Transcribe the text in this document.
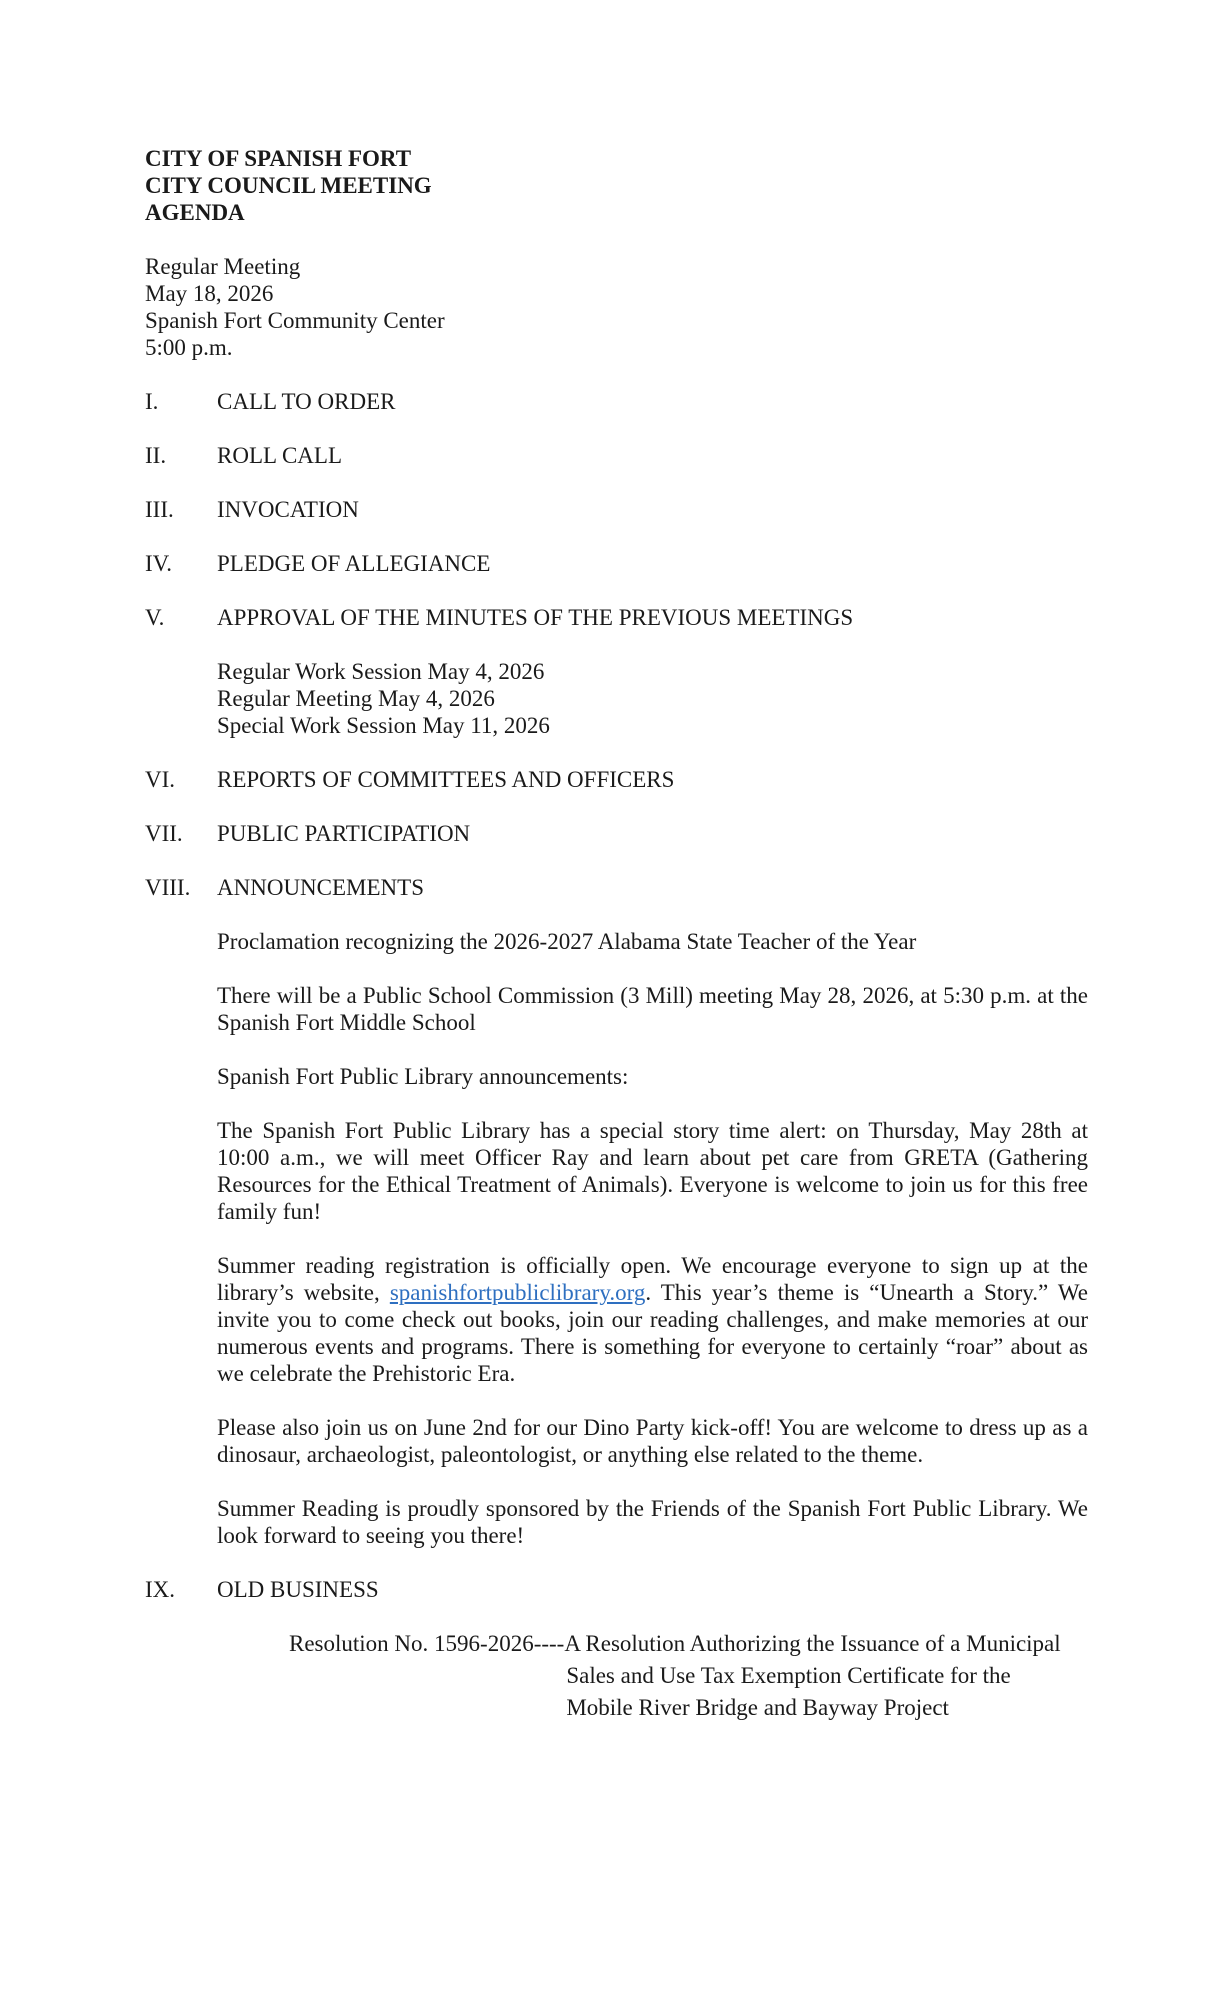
CITY OF SPANISH FORT

CITY COUNCIL MEETING

AGENDA

Regular Meeting

May 18, 2026

Spanish Fort Community Center

5:00 p.m.

I.	CALL TO ORDER
II.	ROLL CALL
III.	INVOCATION
IV.	PLEDGE OF ALLEGIANCE
V.	APPROVAL OF THE MINUTES OF THE PREVIOUS MEETINGS

Regular Work Session May 4, 2026

Regular Meeting May 4, 2026

Special Work Session May 11, 2026

VI.	REPORTS OF COMMITTEES AND OFFICERS
VII.	PUBLIC PARTICIPATION
VIII.	ANNOUNCEMENTS

Proclamation recognizing the 2026-2027 Alabama State Teacher of the Year

There will be a Public School Commission (3 Mill) meeting May 28, 2026, at 5:30 p.m. at the Spanish Fort Middle School

Spanish Fort Public Library announcements:

The Spanish Fort Public Library has a special story time alert: on Thursday, May 28th at 10:00 a.m., we will meet Officer Ray and learn about pet care from GRETA (Gathering Resources for the Ethical Treatment of Animals). Everyone is welcome to join us for this free family fun!

Summer reading registration is officially open. We encourage everyone to sign up at the library’s website, spanishfortpubliclibrary.org. This year’s theme is “Unearth a Story.” We invite you to come check out books, join our reading challenges, and make memories at our numerous events and programs. There is something for everyone to certainly “roar” about as we celebrate the Prehistoric Era.

Please also join us on June 2nd for our Dino Party kick-off! You are welcome to dress up as a dinosaur, archaeologist, paleontologist, or anything else related to the theme.

Summer Reading is proudly sponsored by the Friends of the Spanish Fort Public Library. We look forward to seeing you there!

IX.	OLD BUSINESS
Resolution No. 1596-2026---- A Resolution Authorizing the Issuance of a Municipal
Sales and Use Tax Exemption Certificate for the
Mobile River Bridge and Bayway Project
